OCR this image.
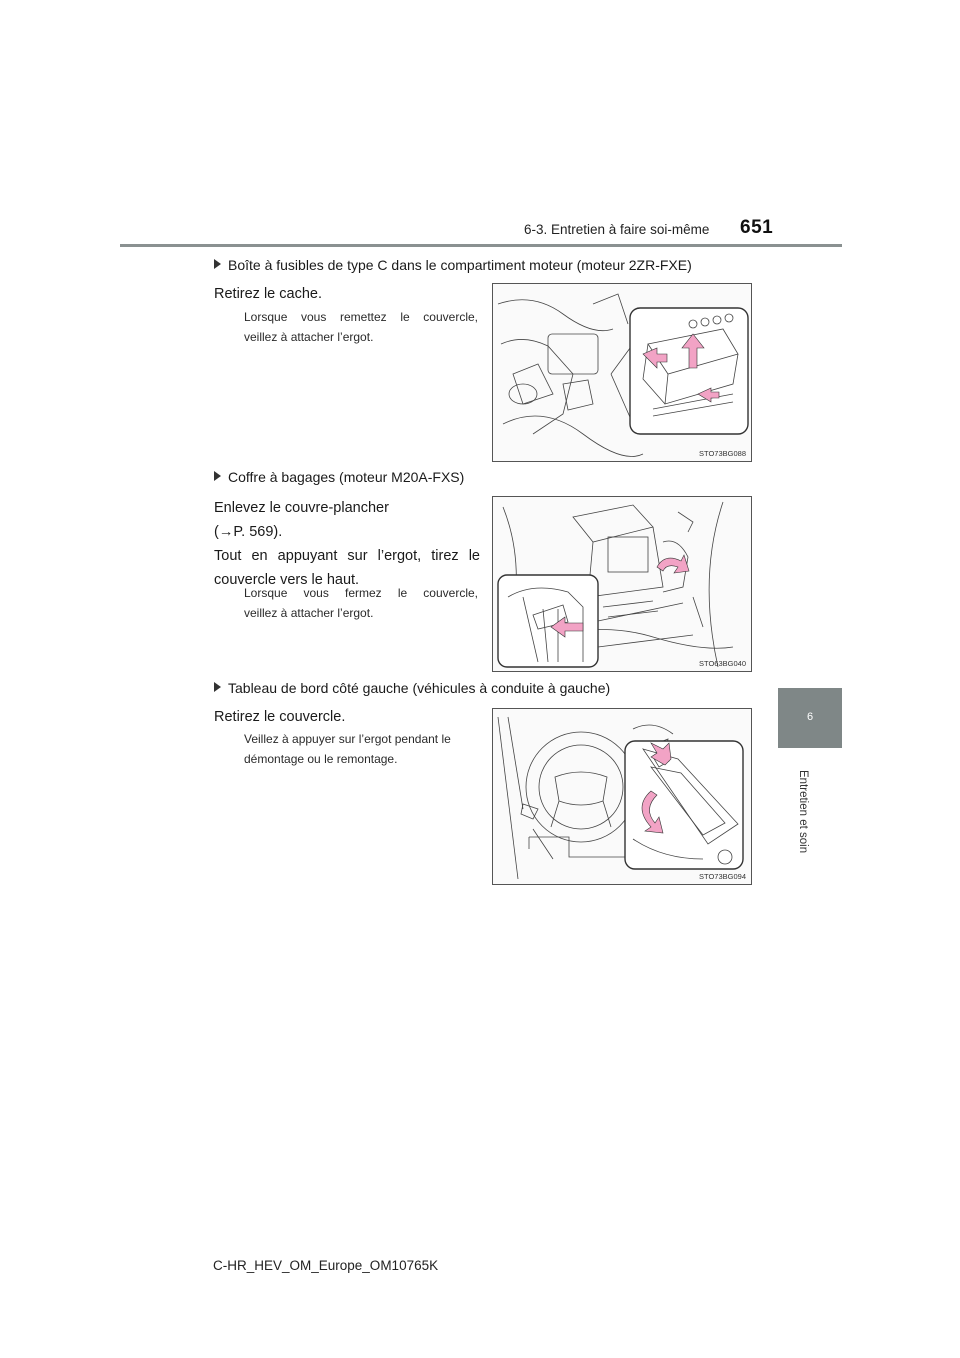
6-3. Entretien à faire soi-même 651
6
Entretien et soin
Boîte à fusibles de type C dans le compartiment moteur (moteur 2ZR-FXE)
Retirez le cache.
Lorsque vous remettez le couvercle,
veillez à attacher l’ergot.
STO73BG088
Coffre à bagages (moteur M20A-FXS)
Enlevez le couvre-plancher
(→P. 569).
Tout en appuyant sur l’ergot, tirez le
couvercle vers le haut.
Lorsque vous fermez le couvercle,
veillez à attacher l’ergot.
STO63BG040
Tableau de bord côté gauche (véhicules à conduite à gauche)
Retirez le couvercle.
Veillez à appuyer sur l’ergot pendant le
démontage ou le remontage.
STO73BG094
C-HR_HEV_OM_Europe_OM10765K
